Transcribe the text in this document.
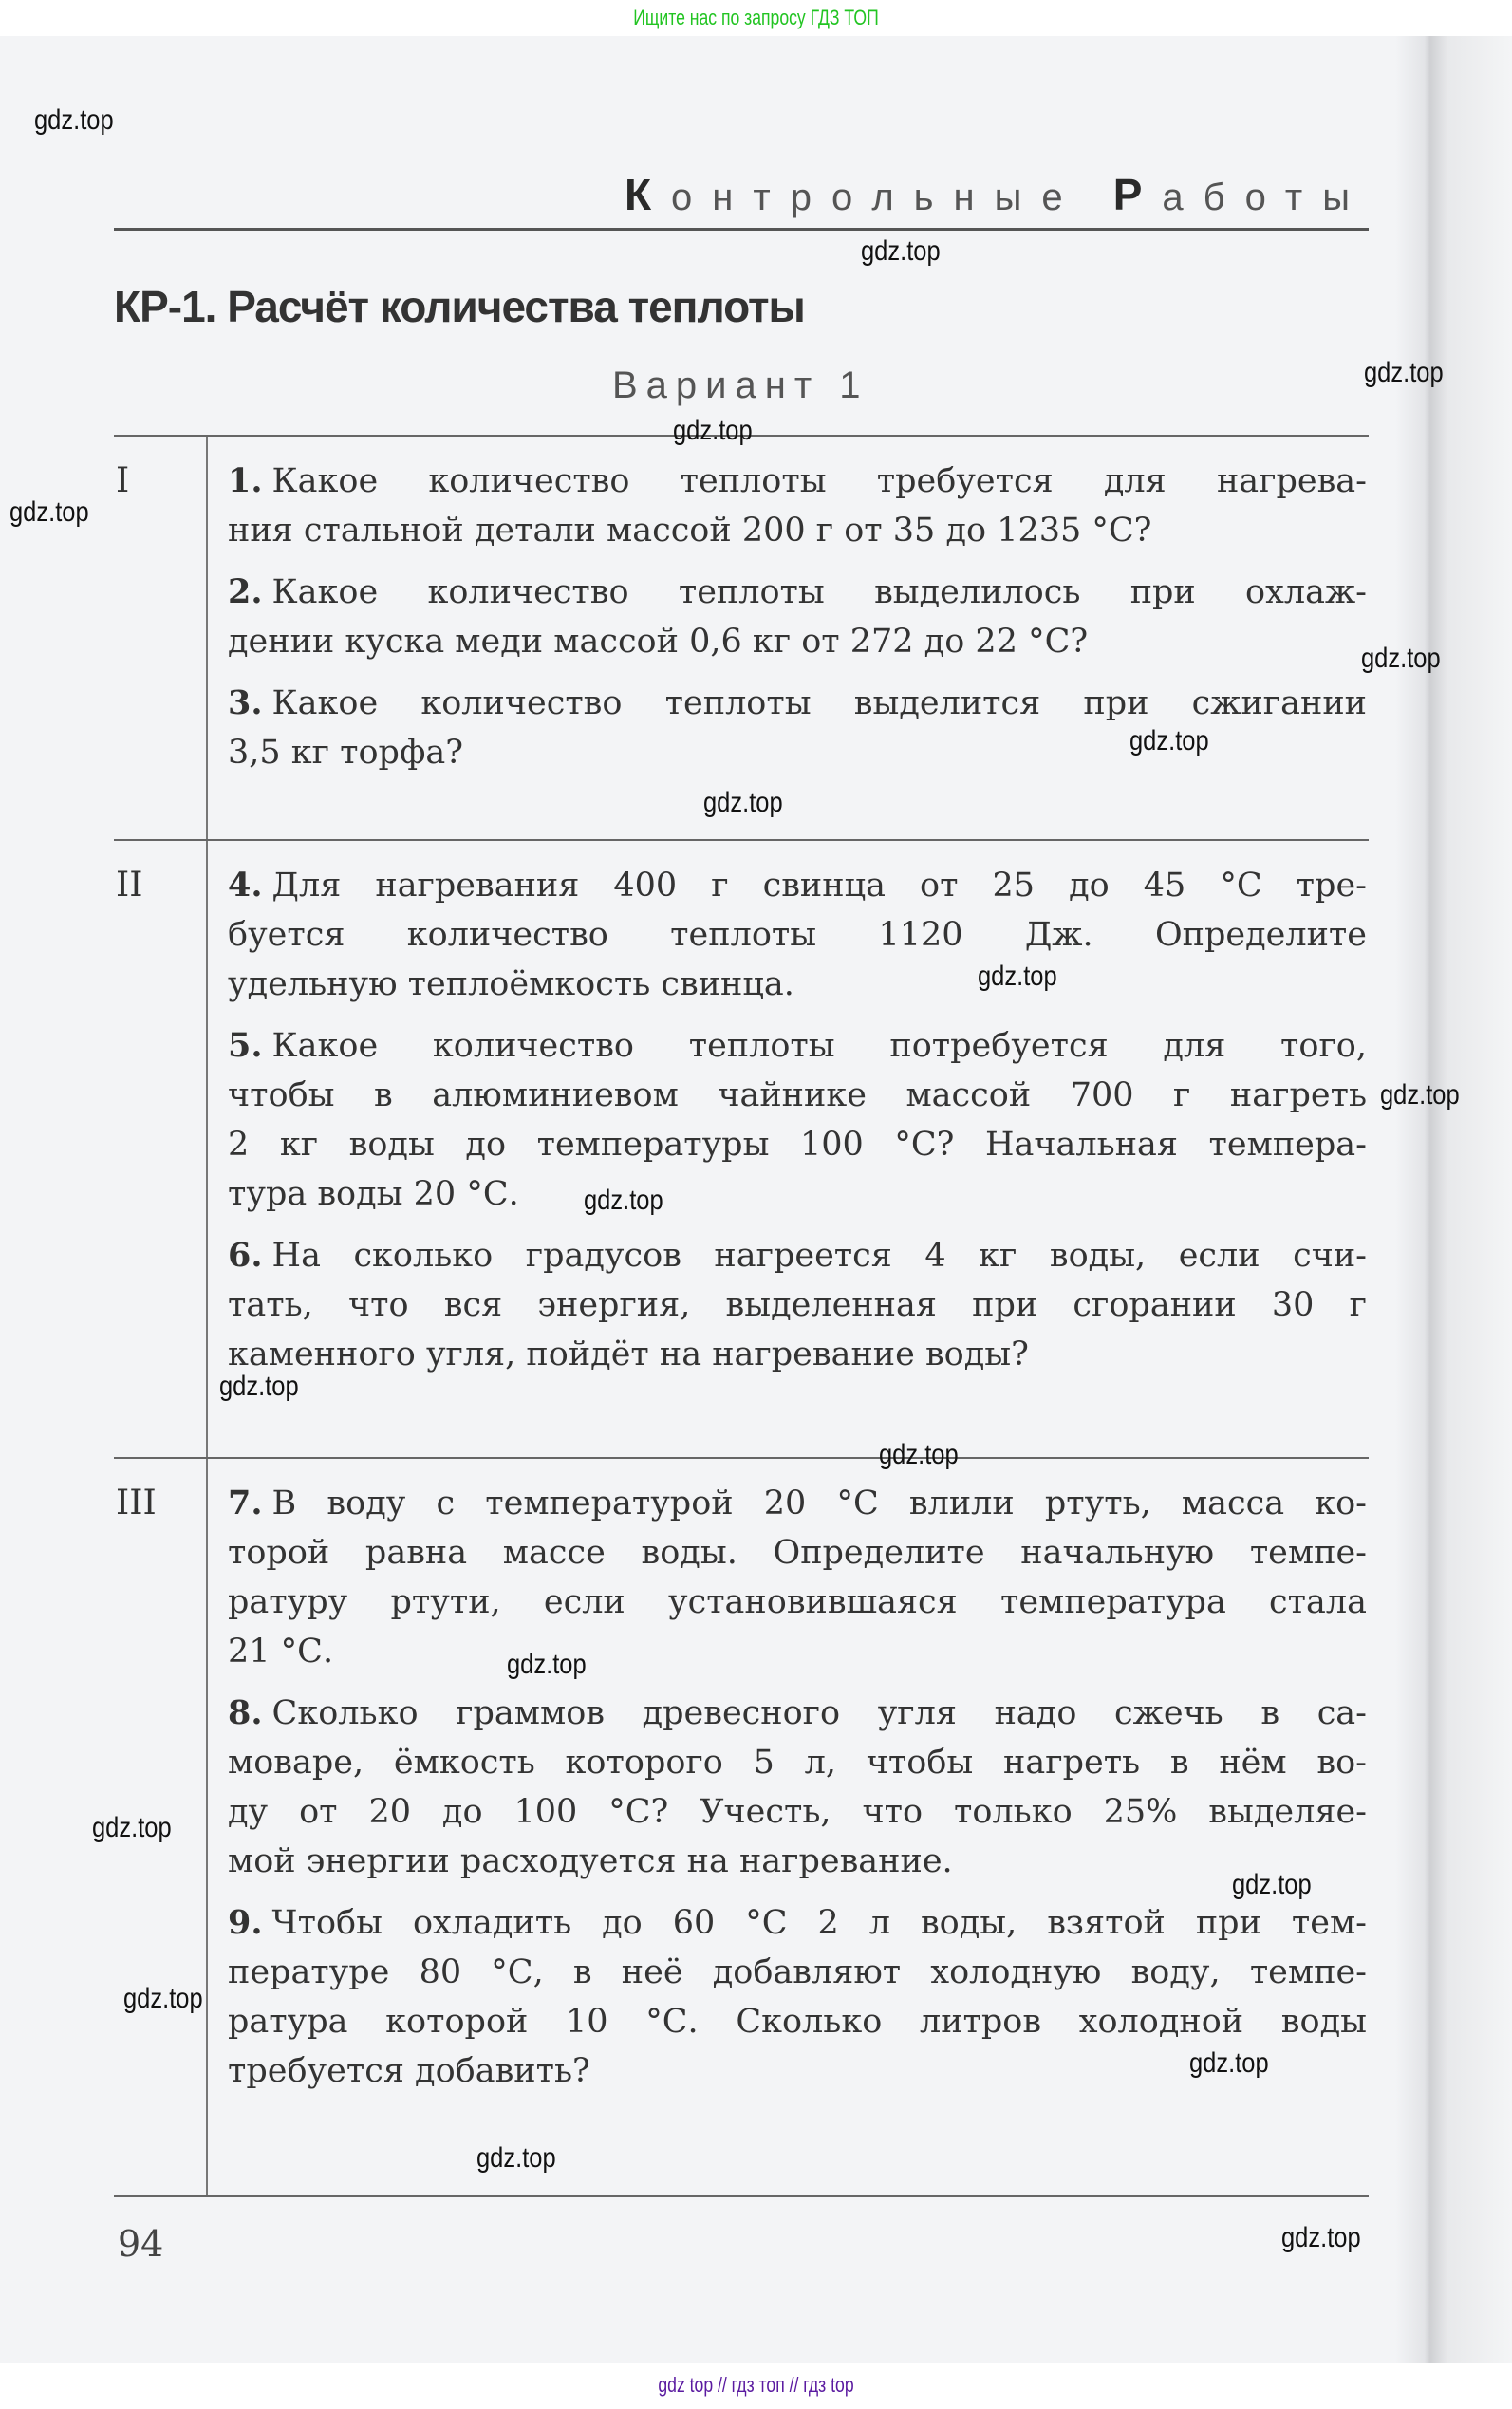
Ищите нас по запросу ГДЗ ТОП
Контрольные Работы
КР-1. Расчёт количества теплоты
Вариант 1
I	1. Какое количество теплоты требуется для нагрева-
ния стальной детали массой 200 г от 35 до 1235 °С?
2. Какое количество теплоты выделилось при охлаж-
дении куска меди массой 0,6 кг от 272 до 22 °С?
3. Какое количество теплоты выделится при сжигании
3,5 кг торфа?
II	4. Для нагревания 400 г свинца от 25 до 45 °С тре-
буется количество теплоты 1120 Дж. Определите
удельную теплоёмкость свинца.
5. Какое количество теплоты потребуется для того,
чтобы в алюминиевом чайнике массой 700 г нагреть
2 кг воды до температуры 100 °С? Начальная темпера-
тура воды 20 °С.
6. На сколько градусов нагреется 4 кг воды, если счи-
тать, что вся энергия, выделенная при сгорании 30 г
каменного угля, пойдёт на нагревание воды?
III 7. В воду с температурой 20 °С влили ртуть, масса ко-
торой равна массе воды. Определите начальную темпе-
ратуру ртути, если установившаяся температура стала
21 °С.
8. Сколько граммов древесного угля надо сжечь в са-
моваре, ёмкость которого 5 л, чтобы нагреть в нём во-
ду от 20 до 100 °С? Учесть, что только 25% выделяе-
мой энергии расходуется на нагревание.
9. Чтобы охладить до 60 °С 2 л воды, взятой при тем-
пературе 80 °С, в неё добавляют холодную воду, темпе-
ратура которой 10 °С. Сколько литров холодной воды
требуется добавить?
94
gdz top // гдз топ // гдз top
gdz.top
gdz.top
gdz.top
gdz.top
gdz.top
gdz.top
gdz.top
gdz.top
gdz.top
gdz.top
gdz.top
gdz.top
gdz.top
gdz.top
gdz.top
gdz.top
gdz.top
gdz.top
gdz.top
gdz.top
